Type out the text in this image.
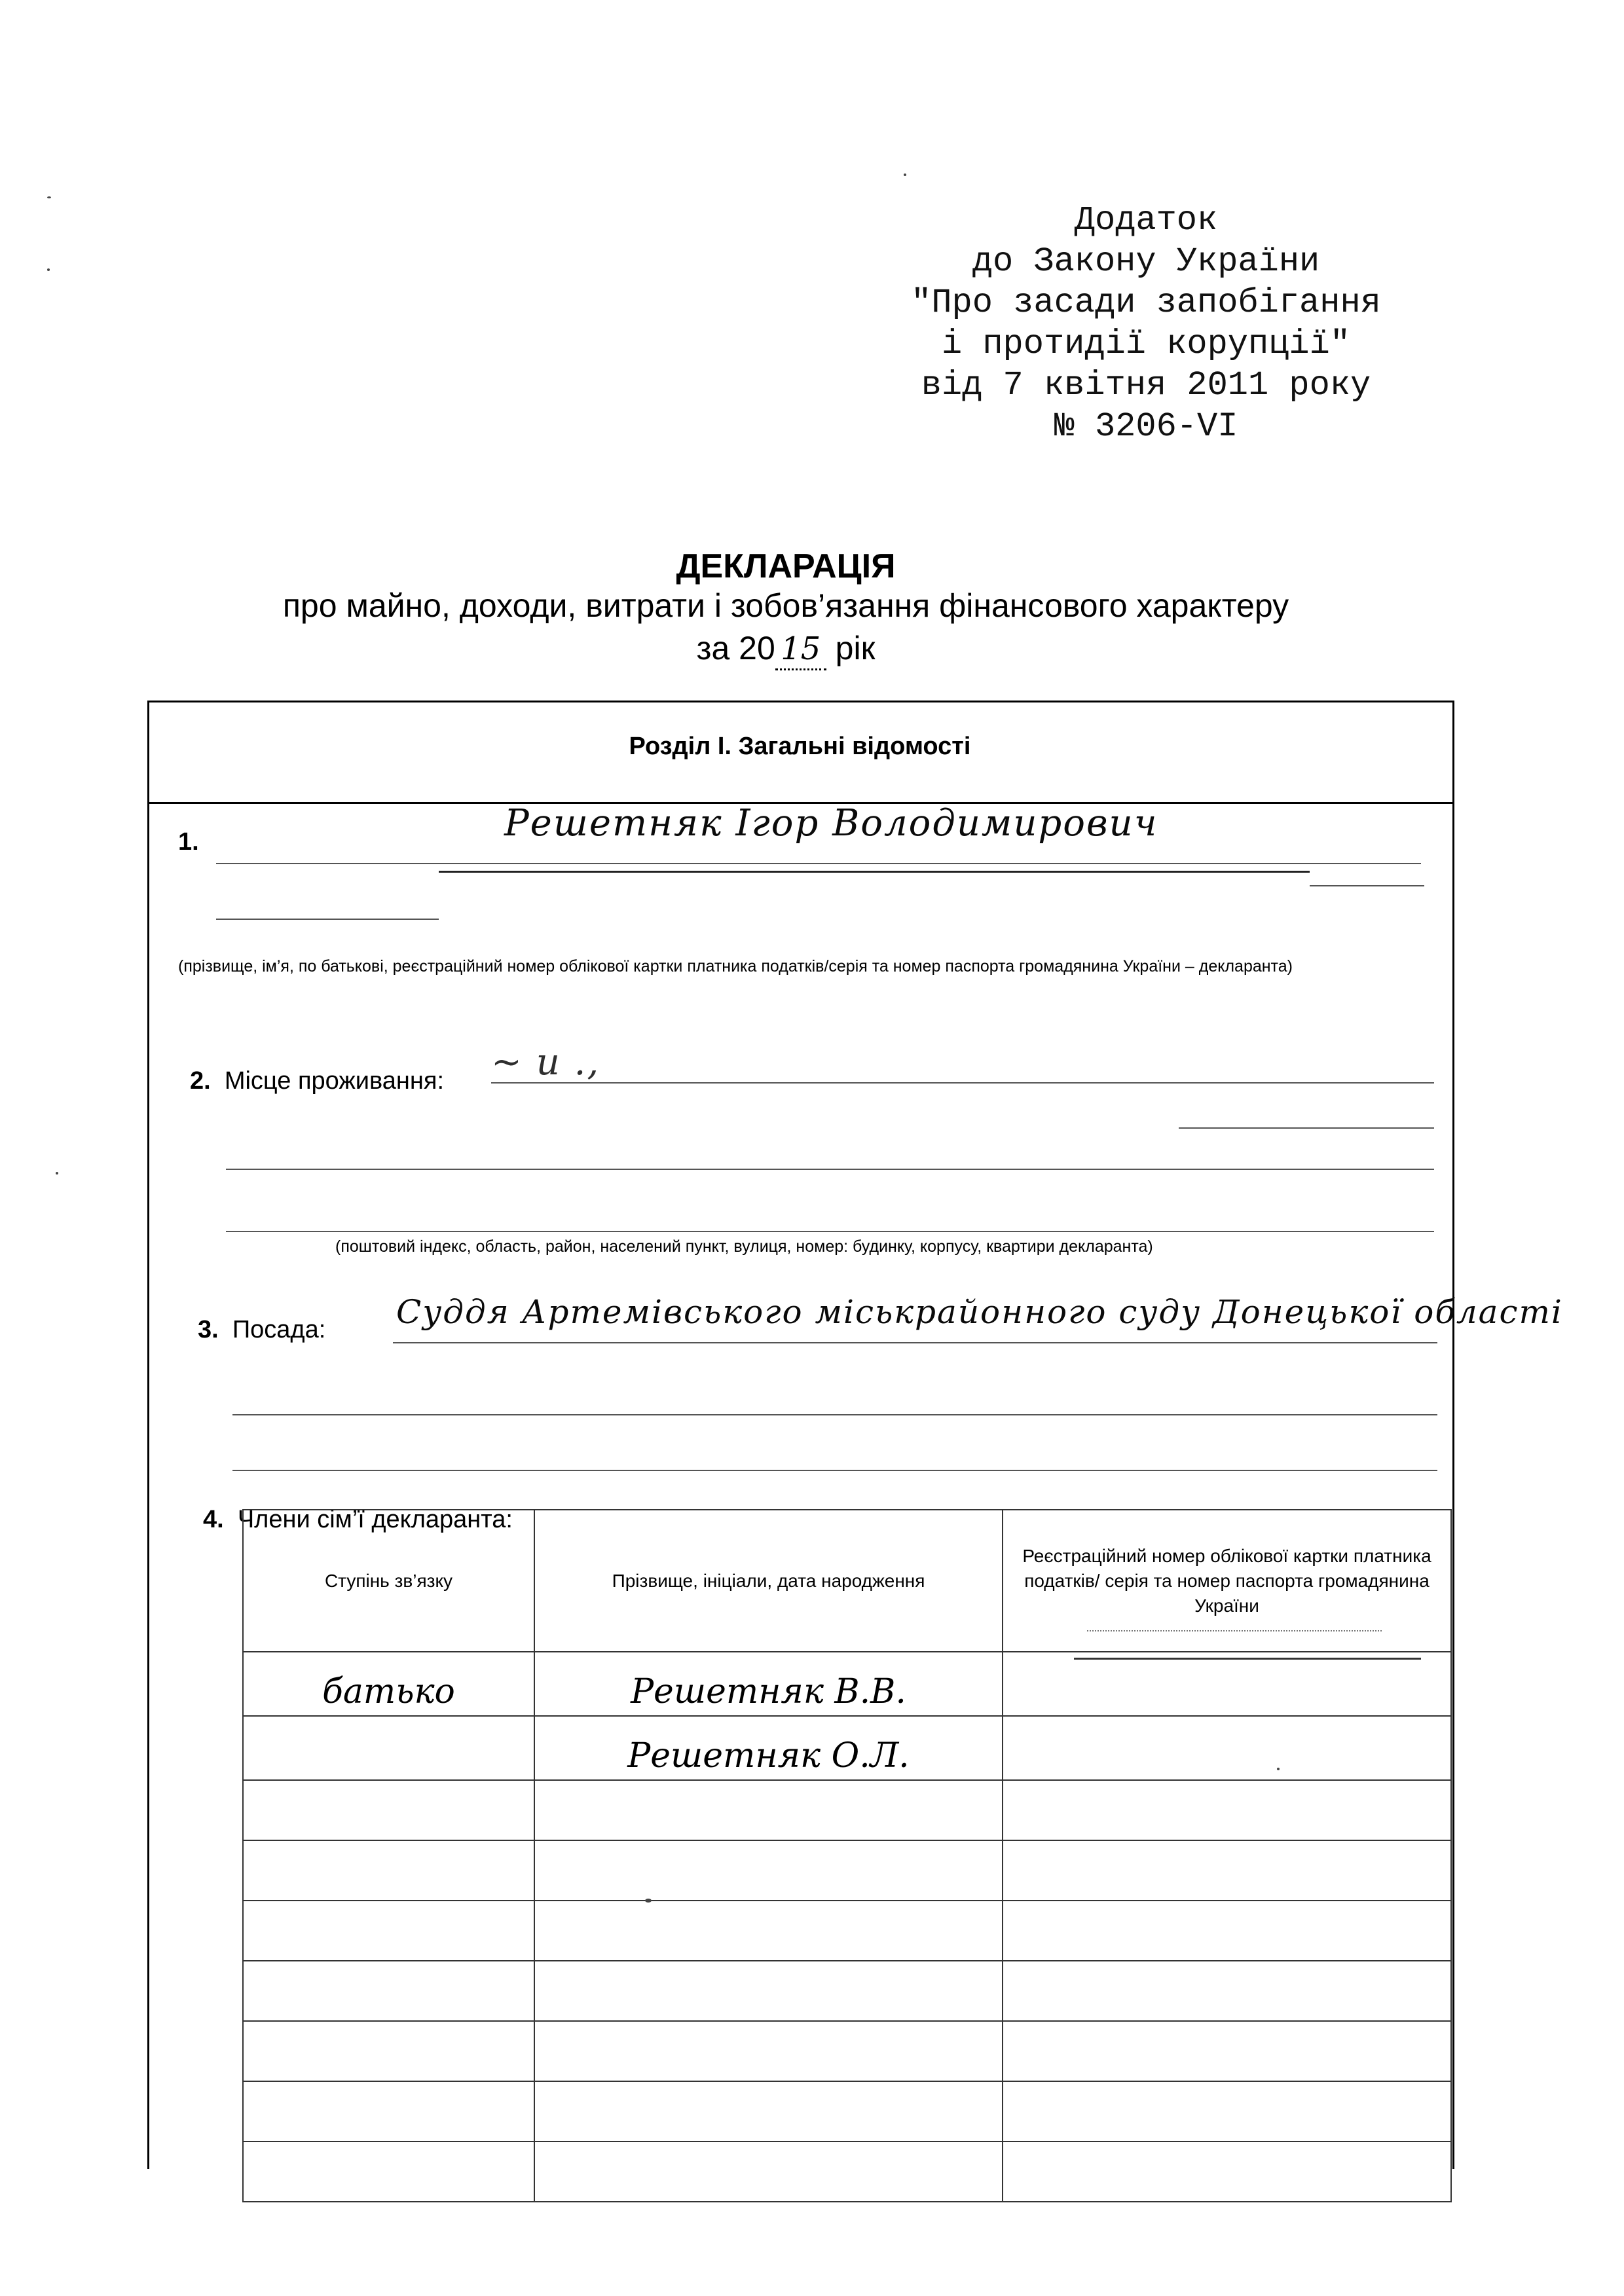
Додаток
до Закону України
"Про засади запобігання
і протидії корупції"
від 7 квітня 2011 року
№ 3206-VI
ДЕКЛАРАЦІЯ
про майно, доходи, витрати і зобов’язання фінансового характеру
за 20 15 рік
Розділ І. Загальні відомості
1.	Решетняк Ігор Володимирович
(прізвище, ім’я, по батькові, реєстраційний номер облікової картки платника податків/серія та номер паспорта громадянина України – декларанта)
2. Місце проживання: ~ и .,
(поштовий індекс, область, район, населений пункт, вулиця, номер: будинку, корпусу, квартири декларанта)
3. Посада: Суддя Артемівського міськрайонного суду Донецької області
4. Члени сім’ї декларанта:
Ступінь зв’язку	Прізвище, ініціали, дата народження	Реєстраційний номер облікової картки платника податків/ серія та номер паспорта громадянина України
батько	Решетняк В.В.	
	Решетняк О.Л.	
